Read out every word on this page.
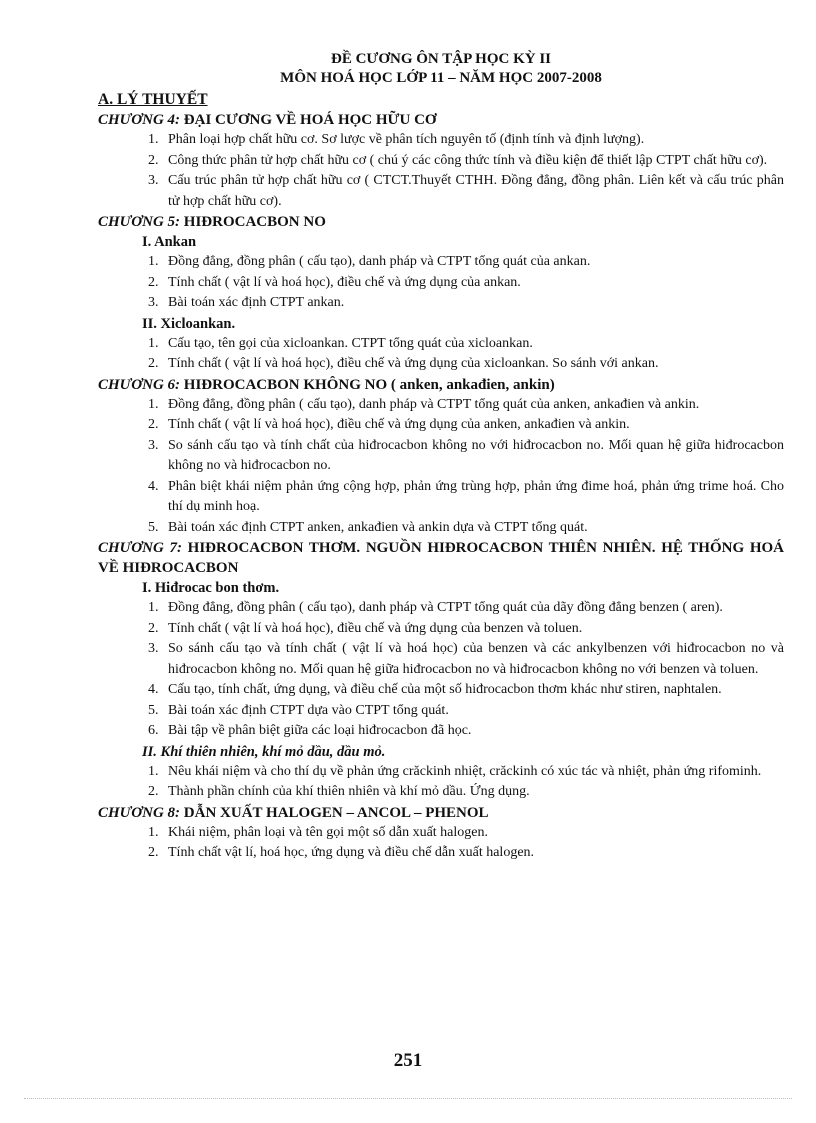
ĐỀ CƯƠNG ÔN TẬP HỌC KỲ II
MÔN HOÁ HỌC LỚP 11 – NĂM HỌC 2007-2008
A. LÝ THUYẾT
CHƯƠNG 4: ĐẠI CƯƠNG VỀ HOÁ HỌC HỮU CƠ
1. Phân loại hợp chất hữu cơ. Sơ lược về phân tích nguyên tố (định tính và định lượng).
2. Công thức phân tử hợp chất hữu cơ ( chú ý các công thức tính và điều kiện để thiết lập CTPT chất hữu cơ).
3. Cấu trúc phân tử hợp chất hữu cơ ( CTCT.Thuyết CTHH. Đồng đẳng, đồng phân. Liên kết và cấu trúc phân tử hợp chất hữu cơ).
CHƯƠNG 5: HIĐROCACBON NO
I. Ankan
1. Đồng đẳng, đồng phân ( cấu tạo), danh pháp và CTPT tổng quát của ankan.
2. Tính chất ( vật lí và hoá học), điều chế và ứng dụng của ankan.
3. Bài toán xác định CTPT ankan.
II. Xicloankan.
1. Cấu tạo, tên gọi của xicloankan. CTPT tổng quát của xicloankan.
2. Tính chất ( vật lí và hoá học), điều chế và ứng dụng của xicloankan. So sánh với ankan.
CHƯƠNG 6: HIĐROCACBON KHÔNG NO ( anken, ankađien, ankin)
1. Đồng đẳng, đồng phân ( cấu tạo), danh pháp và CTPT tổng quát của anken, ankađien và ankin.
2. Tính chất ( vật lí và hoá học), điều chế và ứng dụng của anken, ankađien và ankin.
3. So sánh cấu tạo và tính chất của hiđrocacbon không no với hiđrocacbon no. Mối quan hệ giữa hiđrocacbon không no và hiđrocacbon no.
4. Phân biệt khái niệm phản ứng cộng hợp, phản ứng trùng hợp, phản ứng đime hoá, phản ứng trime hoá. Cho thí dụ minh hoạ.
5. Bài toán xác định CTPT anken, ankađien và ankin dựa và CTPT tổng quát.
CHƯƠNG 7: HIĐROCACBON THƠM. NGUỒN HIĐROCACBON THIÊN NHIÊN. HỆ THỐNG HOÁ VỀ HIĐROCACBON
I. Hiđrocac bon thơm.
1. Đồng đẳng, đồng phân ( cấu tạo), danh pháp và CTPT tổng quát của dãy đồng đẳng benzen ( aren).
2. Tính chất ( vật lí và hoá học), điều chế và ứng dụng của benzen và toluen.
3. So sánh cấu tạo và tính chất ( vật lí và hoá học) của benzen và các ankylbenzen với hiđrocacbon no và hiđrocacbon không no. Mối quan hệ giữa hiđrocacbon no và hiđrocacbon không no với benzen và toluen.
4. Cấu tạo, tính chất, ứng dụng, và điều chế của một số hiđrocacbon thơm khác như stiren, naphtalen.
5. Bài toán xác định CTPT dựa vào CTPT tổng quát.
6. Bài tập về phân biệt giữa các loại hiđrocacbon đã học.
II. Khí thiên nhiên, khí mỏ dầu, dầu mỏ.
1. Nêu khái niệm và cho thí dụ về phản ứng crăckinh nhiệt, crăckinh có xúc tác và nhiệt, phản ứng rifominh.
2. Thành phần chính của khí thiên nhiên và khí mỏ dầu. Ứng dụng.
CHƯƠNG 8: DẪN XUẤT HALOGEN – ANCOL – PHENOL
1. Khái niệm, phân loại và tên gọi một số dẫn xuất halogen.
2. Tính chất vật lí, hoá học, ứng dụng và điều chế dẫn xuất halogen.
251
